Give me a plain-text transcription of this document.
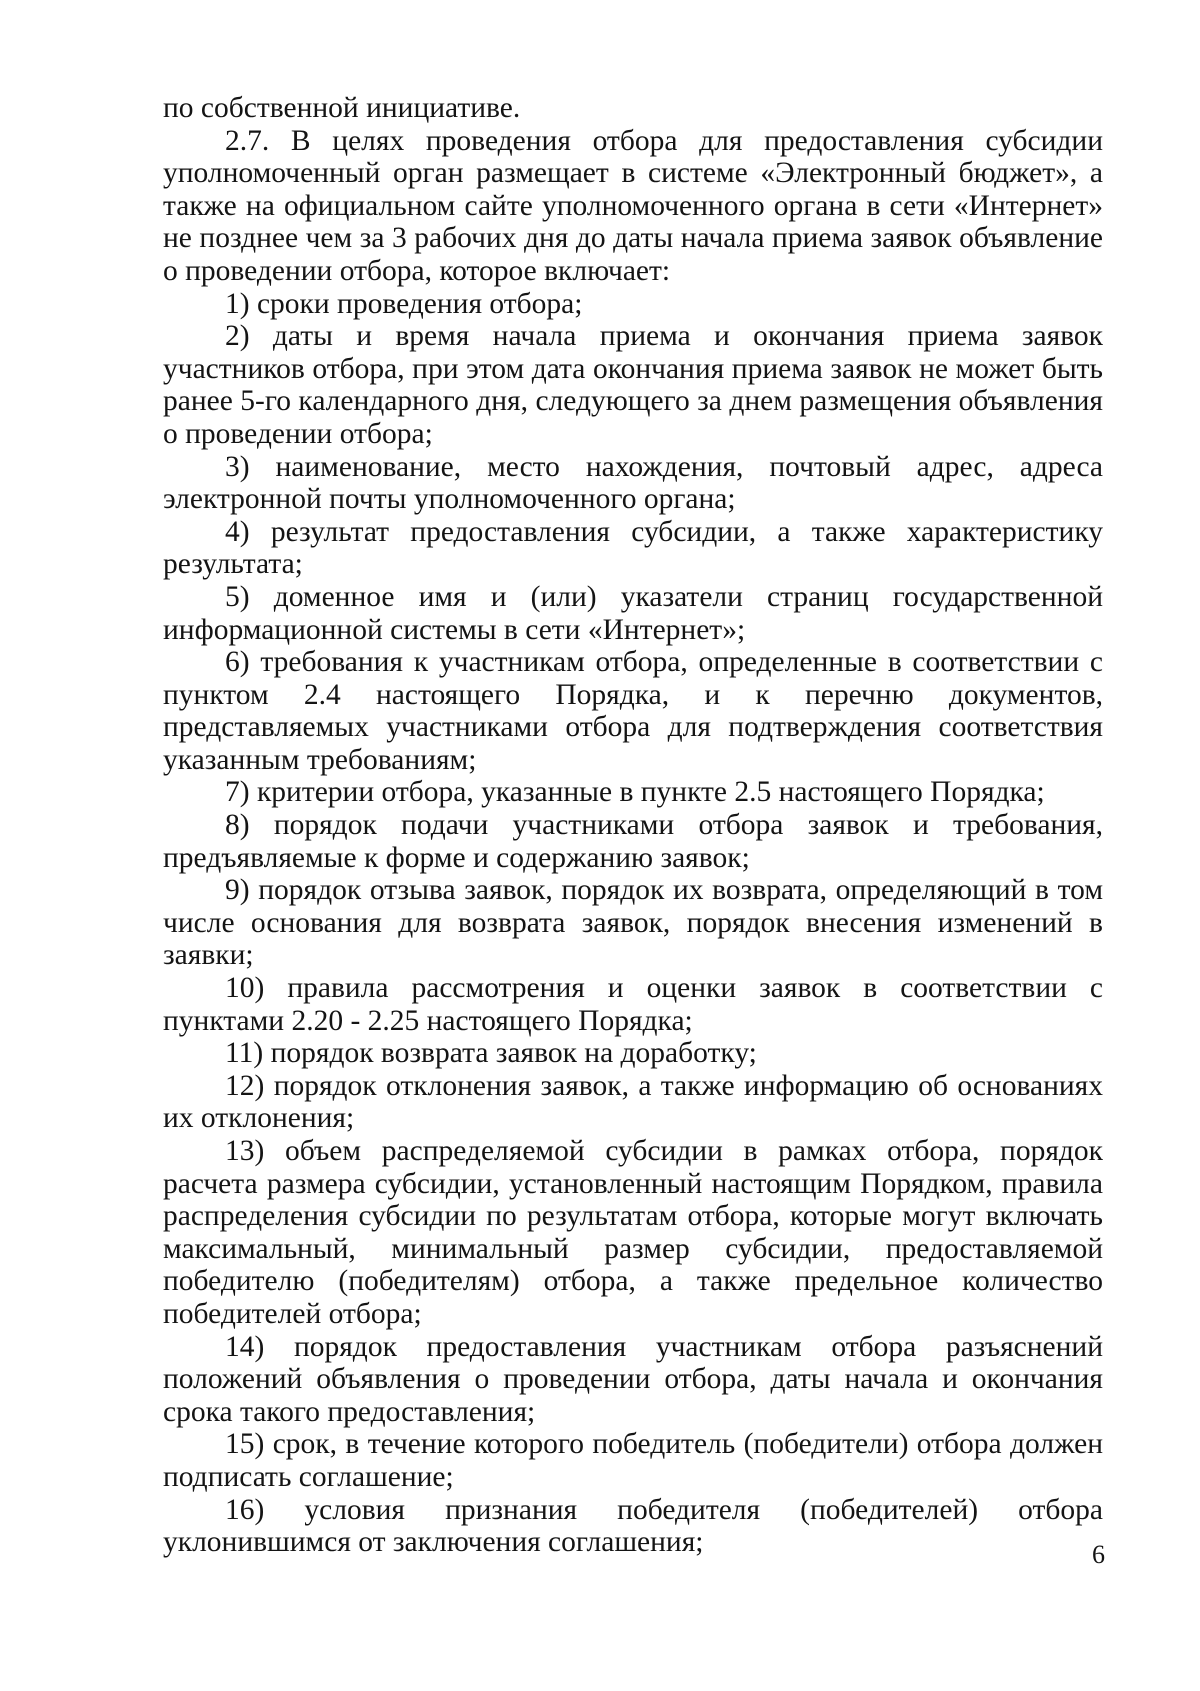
по собственной инициативе.

2.7. В целях проведения отбора для предоставления субсидии уполномоченный орган размещает в системе «Электронный бюджет», а также на официальном сайте уполномоченного органа в сети «Интернет» не позднее чем за 3 рабочих дня до даты начала приема заявок объявление о проведении отбора, которое включает:

1) сроки проведения отбора;

2) даты и время начала приема и окончания приема заявок участников отбора, при этом дата окончания приема заявок не может быть ранее 5-го календарного дня, следующего за днем размещения объявления о проведении отбора;

3) наименование, место нахождения, почтовый адрес, адреса электронной почты уполномоченного органа;

4) результат предоставления субсидии, а также характеристику результата;

5) доменное имя и (или) указатели страниц государственной информационной системы в сети «Интернет»;

6) требования к участникам отбора, определенные в соответствии с пунктом 2.4 настоящего Порядка, и к перечню документов, представляемых участниками отбора для подтверждения соответствия указанным требованиям;

7) критерии отбора, указанные в пункте 2.5 настоящего Порядка;

8) порядок подачи участниками отбора заявок и требования, предъявляемые к форме и содержанию заявок;

9) порядок отзыва заявок, порядок их возврата, определяющий в том числе основания для возврата заявок, порядок внесения изменений в заявки;

10) правила рассмотрения и оценки заявок в соответствии с пунктами 2.20 - 2.25 настоящего Порядка;

11) порядок возврата заявок на доработку;

12) порядок отклонения заявок, а также информацию об основаниях их отклонения;

13) объем распределяемой субсидии в рамках отбора, порядок расчета размера субсидии, установленный настоящим Порядком, правила распределения субсидии по результатам отбора, которые могут включать максимальный, минимальный размер субсидии, предоставляемой победителю (победителям) отбора, а также предельное количество победителей отбора;

14) порядок предоставления участникам отбора разъяснений положений объявления о проведении отбора, даты начала и окончания срока такого предоставления;

15) срок, в течение которого победитель (победители) отбора должен подписать соглашение;

16) условия признания победителя (победителей) отбора уклонившимся от заключения соглашения;	6
